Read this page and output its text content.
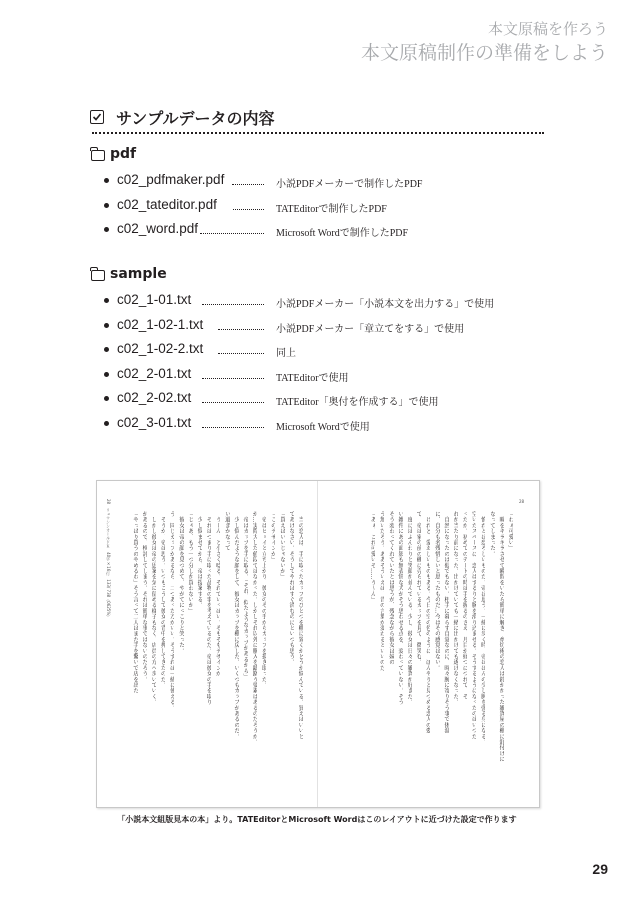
本文原稿を作ろう
本文原稿制作の準備をしよう
サンプルデータの内容
pdf
c02_pdfmaker.pdf	小説PDFメーカーで制作したPDF
c02_tateditor.pdf	TATEditorで制作したPDF
c02_word.pdf	Microsoft Wordで制作したPDF
sample
c02_1-01.txt	小説PDFメーカー「小説本文を出力する」で使用
c02_1-02-1.txt	小説PDFメーカー「章立てをする」で使用
c02_1-02-2.txt	同上
c02_2-01.txt	TATEditorで使用
c02_2-02.txt	TATEditor「奥付を作成する」で使用
c02_3-01.txt	Microsoft Wordで使用
28　リュウシンオールドＫ　40字×16行　133/ 738（0625%）	28
「わぁ可愛い」
　瞳をキラキラさせて瞬間をいたら簡単に解き、糸切術の恋人は鈴かかった雑貨屋の棚に釘付けに
なってしまった。
　慎れとは恐ろしいものだ。帝は思う。一緒に歩く時、帝はほんの少し胸を張る身になる。
空いたスペースに、恋人はするりと腕を滑り込ませる。ぞうするようになったのはいつだ
ったか。初めてのデートの時は手を握るのさえ、月目が経つにつれて、そ
れが当たり前になった。出かけていても一緒に出かけても遂げなくなった。
　自然になったのは他でもない。相手に暮らす自覚なのに、時々腕に寄りそう事で体温
に、自分も名残惜しいと思ったものだ…今はその感覚はない。
　けれど、愛おしいものもある。今日の空の色のように、ぼんやりと見つめる恋人の姿
で、帝は家の前の棚に売られているカップを見て、微笑む。
　度にはふんわりと笑顔が並んでいる。少し、彼女は日々の雑貨が好きだ。
い雑件にあの面影も無表情な犬がそう思わせる点を、変わっていない。そう
そう変わってくれていたとは思うが、残念ながら彼女は妹の
う無いだろう。ああそういえば、昔の言葉が変わるといいのだ
「あぁ、これ可愛いぞ……う〜ん」
　当の恋人は、手に取ったカップのひとつを棚に置くかどうか悩んでいる。買えばいいと
てあげなさい。そうしてやればすぐ済むのにといつも思う。
「買えばいいじゃないか」
「このデザインが」
　帝はヒョイと立ち上がり、彼女のその手からカップを抜き取った。
が…実際大した値段ではなかった。しかしそれ以外に購入を躊躇う要素はあるのだろうか。
　帝はカップを手に取る。「それ、似たようなカップがあるから」
　少し悩んだような顔をして、彼女はカップを棚に戻した。いくつもカップがあるのだ。
い過ぎかなって
　うーん、と小さく唸る。それでいっぱい。そもそもデザインが
　ぞれはつまり手に取った品物の事を考えているのだ。帝は彼女の手を取り
　少し悩ませてから、帝は提案する。
「じゃあ、もう一つ分しか買わないか」
　彼女は帝の顔を見つめて、やがてにっこりと笑った。
う、同じカップがあるなら、二つあった方がいい。そうすれば一緒に使える。
　そうか、帝は思う。いつもこうして彼女の背中を押してきたのだ。
　しかし彼女は帝の思案を気に留める様子もなく、店員の方へ歩いていく。
があるので、検討してしまう。それは簡単な事ではないのだろう。
「やっぱり買うのやめるわ」そう言って二人はまた手を繋いで店を出た
「小説本文組版見本の本」より。TATEditorとMicrosoft Wordはこのレイアウトに近づけた設定で作ります
29
